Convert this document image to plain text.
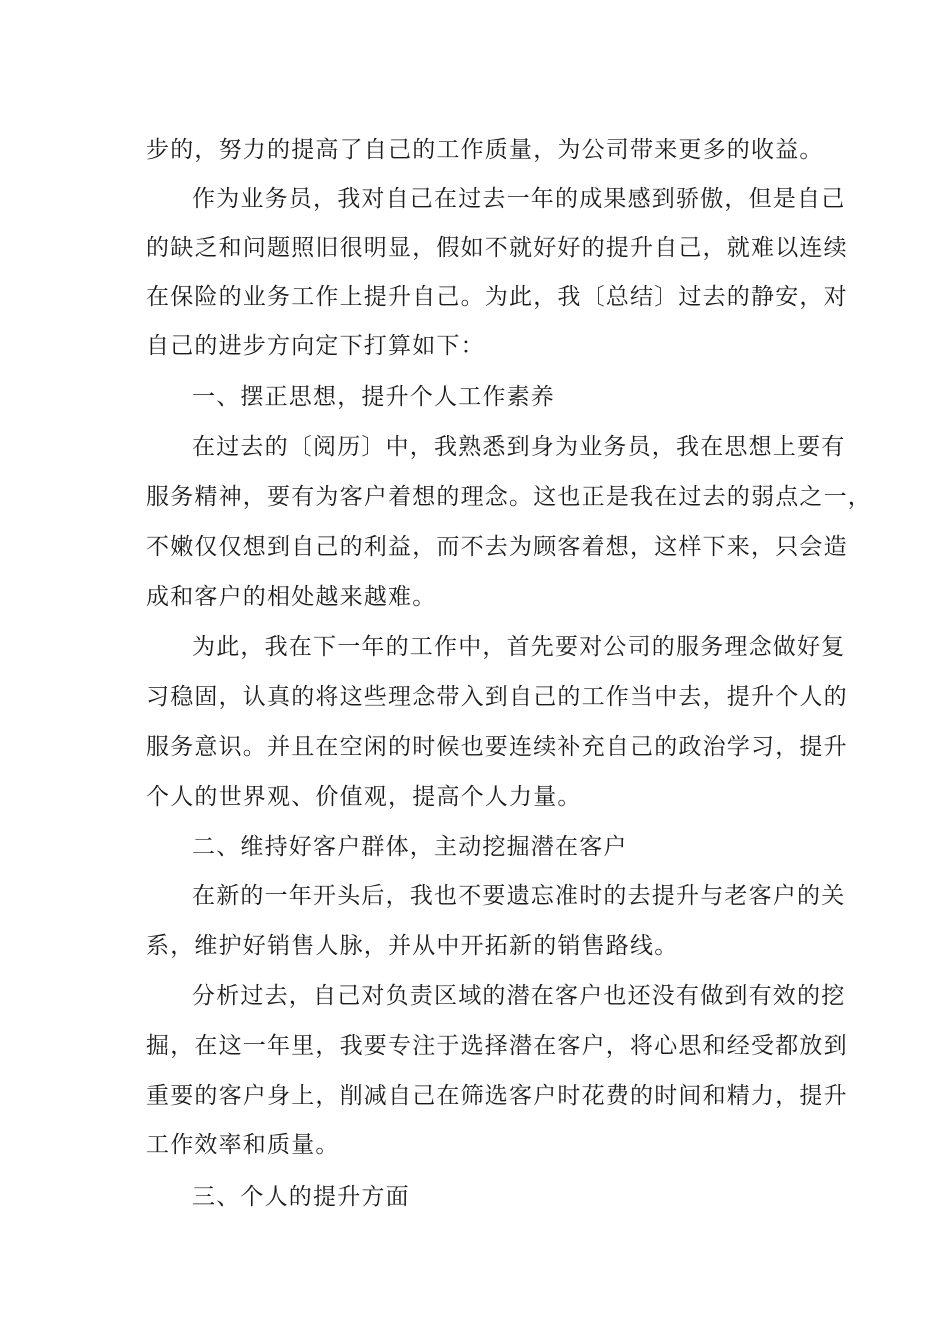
步的，努力的提高了自己的工作质量，为公司带来更多的收益。
作为业务员，我对自己在过去一年的成果感到骄傲，但是自己
的缺乏和问题照旧很明显，假如不就好好的提升自己，就难以连续
在保险的业务工作上提升自己。为此，我〔总结〕过去的静安，对
自己的进步方向定下打算如下：
一、摆正思想，提升个人工作素养
在过去的〔阅历〕中，我熟悉到身为业务员，我在思想上要有
服务精神，要有为客户着想的理念。这也正是我在过去的弱点之一，
不嫩仅仅想到自己的利益，而不去为顾客着想，这样下来，只会造
成和客户的相处越来越难。
为此，我在下一年的工作中，首先要对公司的服务理念做好复
习稳固，认真的将这些理念带入到自己的工作当中去，提升个人的
服务意识。并且在空闲的时候也要连续补充自己的政治学习，提升
个人的世界观、价值观，提高个人力量。
二、维持好客户群体，主动挖掘潜在客户
在新的一年开头后，我也不要遗忘准时的去提升与老客户的关
系，维护好销售人脉，并从中开拓新的销售路线。
分析过去，自己对负责区域的潜在客户也还没有做到有效的挖
掘，在这一年里，我要专注于选择潜在客户，将心思和经受都放到
重要的客户身上，削减自己在筛选客户时花费的时间和精力，提升
工作效率和质量。
三、个人的提升方面
